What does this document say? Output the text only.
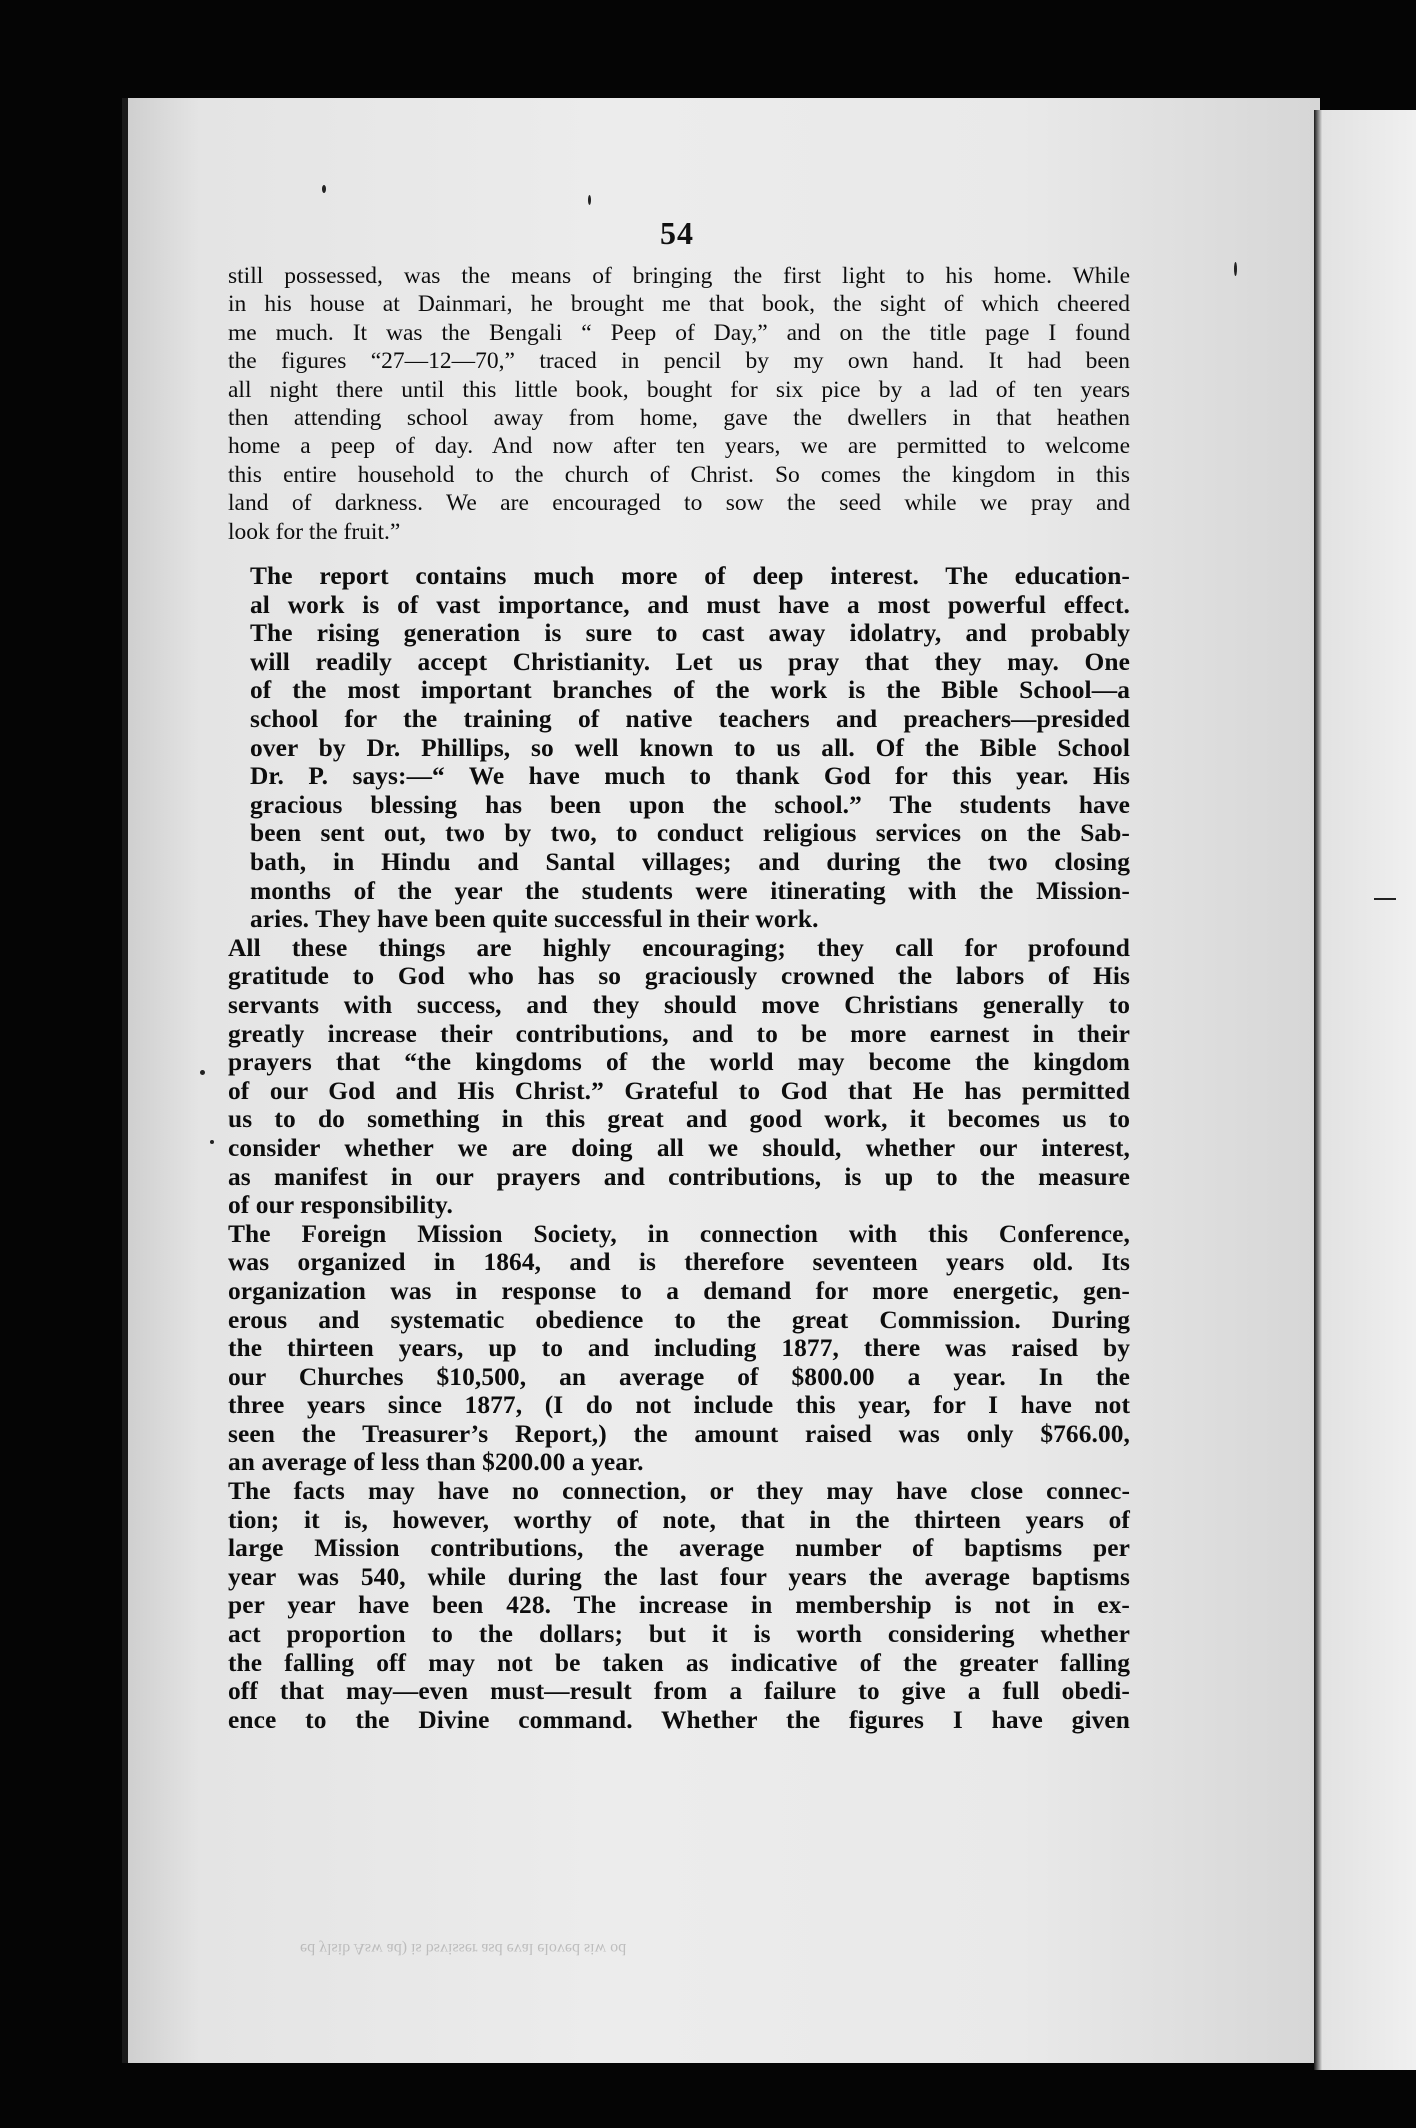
54

still possessed, was the means of bringing the first light to his home. While
in his house at Dainmari, he brought me that book, the sight of which cheered
me much. It was the Bengali “ Peep of Day,” and on the title page I found
the figures “27—12—70,” traced in pencil by my own hand. It had been
all night there until this little book, bought for six pice by a lad of ten years
then attending school away from home, gave the dwellers in that heathen
home a peep of day. And now after ten years, we are permitted to welcome
this entire household to the church of Christ. So comes the kingdom in this
land of darkness. We are encouraged to sow the seed while we pray and
look for the fruit.”

The report contains much more of deep interest. The education-
al work is of vast importance, and must have a most powerful effect.
The rising generation is sure to cast away idolatry, and probably
will readily accept Christianity. Let us pray that they may. One
of the most important branches of the work is the Bible School—a
school for the training of native teachers and preachers—presided
over by Dr. Phillips, so well known to us all. Of the Bible School
Dr. P. says:—“ We have much to thank God for this year. His
gracious blessing has been upon the school.” The students have
been sent out, two by two, to conduct religious services on the Sab-
bath, in Hindu and Santal villages; and during the two closing
months of the year the students were itinerating with the Mission-
aries. They have been quite successful in their work.

All these things are highly encouraging; they call for profound
gratitude to God who has so graciously crowned the labors of His
servants with success, and they should move Christians generally to
greatly increase their contributions, and to be more earnest in their
prayers that “the kingdoms of the world may become the kingdom
of our God and His Christ.” Grateful to God that He has permitted
us to do something in this great and good work, it becomes us to
consider whether we are doing all we should, whether our interest,
as manifest in our prayers and contributions, is up to the measure
of our responsibility.

The Foreign Mission Society, in connection with this Conference,
was organized in 1864, and is therefore seventeen years old. Its
organization was in response to a demand for more energetic, gen-
erous and systematic obedience to the great Commission. During
the thirteen years, up to and including 1877, there was raised by
our Churches $10,500, an average of $800.00 a year. In the
three years since 1877, (I do not include this year, for I have not
seen the Treasurer’s Report,) the amount raised was only $766.00,
an average of less than $200.00 a year.

The facts may have no connection, or they may have close connec-
tion; it is, however, worthy of note, that in the thirteen years of
large Mission contributions, the average number of baptisms per
year was 540, while during the last four years the average baptisms
per year have been 428. The increase in membership is not in ex-
act proportion to the dollars; but it is worth considering whether
the falling off may not be taken as indicative of the greater falling
off that may—even must—result from a failure to give a full obedi-
ence to the Divine command. Whether the figures I have given

ed ylsib Asw ad) is bsvisser asd eval eloved siw od
